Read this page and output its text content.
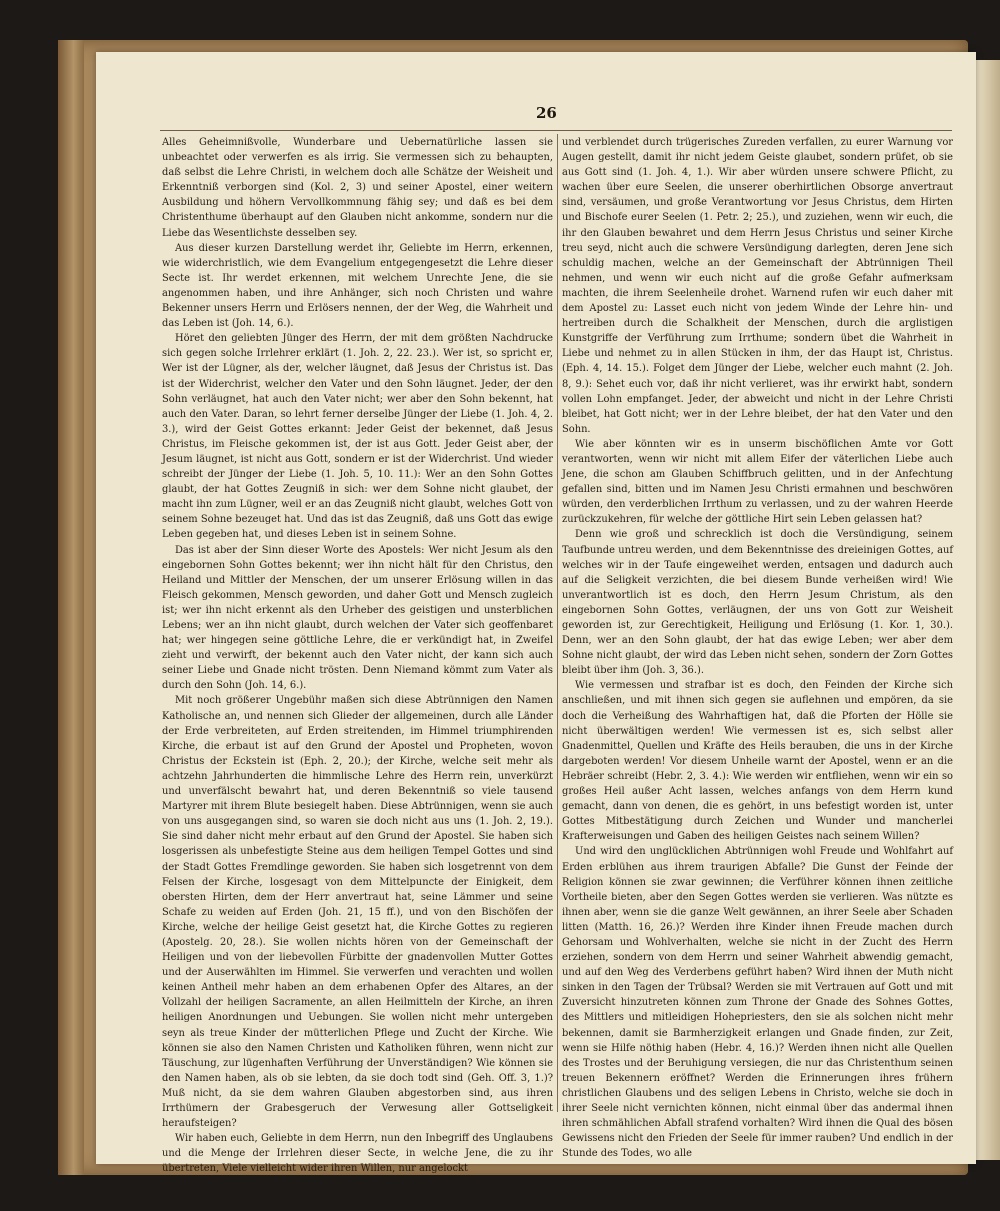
26

Alles Geheimnißvolle, Wunderbare und Uebernatürliche lassen sie unbeachtet oder verwerfen es als irrig. Sie vermessen sich zu behaupten, daß selbst die Lehre Christi, in welchem doch alle Schätze der Weisheit und Erkenntniß verborgen sind (Kol. 2, 3) und seiner Apostel, einer weitern Ausbildung und höhern Vervollkommnung fähig sey; und daß es bei dem Christenthume überhaupt auf den Glauben nicht ankomme, sondern nur die Liebe das Wesentlichste desselben sey.

Aus dieser kurzen Darstellung werdet ihr, Geliebte im Herrn, erkennen, wie widerchristlich, wie dem Evangelium entgegengesetzt die Lehre dieser Secte ist. Ihr werdet erkennen, mit welchem Unrechte Jene, die sie angenommen haben, und ihre Anhänger, sich noch Christen und wahre Bekenner unsers Herrn und Erlösers nennen, der der Weg, die Wahrheit und das Leben ist (Joh. 14, 6.).

Höret den geliebten Jünger des Herrn, der mit dem größten Nachdrucke sich gegen solche Irrlehrer erklärt (1. Joh. 2, 22. 23.). Wer ist, so spricht er, Wer ist der Lügner, als der, welcher läugnet, daß Jesus der Christus ist. Das ist der Widerchrist, welcher den Vater und den Sohn läugnet. Jeder, der den Sohn verläugnet, hat auch den Vater nicht; wer aber den Sohn bekennt, hat auch den Vater. Daran, so lehrt ferner derselbe Jünger der Liebe (1. Joh. 4, 2. 3.), wird der Geist Gottes erkannt: Jeder Geist der bekennet, daß Jesus Christus, im Fleische gekommen ist, der ist aus Gott. Jeder Geist aber, der Jesum läugnet, ist nicht aus Gott, sondern er ist der Widerchrist. Und wieder schreibt der Jünger der Liebe (1. Joh. 5, 10. 11.): Wer an den Sohn Gottes glaubt, der hat Gottes Zeugniß in sich: wer dem Sohne nicht glaubet, der macht ihn zum Lügner, weil er an das Zeugniß nicht glaubt, welches Gott von seinem Sohne bezeuget hat. Und das ist das Zeugniß, daß uns Gott das ewige Leben gegeben hat, und dieses Leben ist in seinem Sohne.

Das ist aber der Sinn dieser Worte des Apostels: Wer nicht Jesum als den eingebornen Sohn Gottes bekennt; wer ihn nicht hält für den Christus, den Heiland und Mittler der Menschen, der um unserer Erlösung willen in das Fleisch gekommen, Mensch geworden, und daher Gott und Mensch zugleich ist; wer ihn nicht erkennt als den Urheber des geistigen und unsterblichen Lebens; wer an ihn nicht glaubt, durch welchen der Vater sich geoffenbaret hat; wer hingegen seine göttliche Lehre, die er verkündigt hat, in Zweifel zieht und verwirft, der bekennt auch den Vater nicht, der kann sich auch seiner Liebe und Gnade nicht trösten. Denn Niemand kömmt zum Vater als durch den Sohn (Joh. 14, 6.).

Mit noch größerer Ungebühr maßen sich diese Abtrünnigen den Namen Katholische an, und nennen sich Glieder der allgemeinen, durch alle Länder der Erde verbreiteten, auf Erden streitenden, im Himmel triumphirenden Kirche, die erbaut ist auf den Grund der Apostel und Propheten, wovon Christus der Eckstein ist (Eph. 2, 20.); der Kirche, welche seit mehr als achtzehn Jahrhunderten die himmlische Lehre des Herrn rein, unverkürzt und unverfälscht bewahrt hat, und deren Bekenntniß so viele tausend Martyrer mit ihrem Blute besiegelt haben. Diese Abtrünnigen, wenn sie auch von uns ausgegangen sind, so waren sie doch nicht aus uns (1. Joh. 2, 19.). Sie sind daher nicht mehr erbaut auf den Grund der Apostel. Sie haben sich losgerissen als unbefestigte Steine aus dem heiligen Tempel Gottes und sind der Stadt Gottes Fremdlinge geworden. Sie haben sich losgetrennt von dem Felsen der Kirche, losgesagt von dem Mittelpuncte der Einigkeit, dem obersten Hirten, dem der Herr anvertraut hat, seine Lämmer und seine Schafe zu weiden auf Erden (Joh. 21, 15 ff.), und von den Bischöfen der Kirche, welche der heilige Geist gesetzt hat, die Kirche Gottes zu regieren (Apostelg. 20, 28.). Sie wollen nichts hören von der Gemeinschaft der Heiligen und von der liebevollen Fürbitte der gnadenvollen Mutter Gottes und der Auserwählten im Himmel. Sie verwerfen und verachten und wollen keinen Antheil mehr haben an dem erhabenen Opfer des Altares, an der Vollzahl der heiligen Sacramente, an allen Heilmitteln der Kirche, an ihren heiligen Anordnungen und Uebungen. Sie wollen nicht mehr untergeben seyn als treue Kinder der mütterlichen Pflege und Zucht der Kirche. Wie können sie also den Namen Christen und Katholiken führen, wenn nicht zur Täuschung, zur lügenhaften Verführung der Unverständigen? Wie können sie den Namen haben, als ob sie lebten, da sie doch todt sind (Geh. Off. 3, 1.)? Muß nicht, da sie dem wahren Glauben abgestorben sind, aus ihren Irrthümern der Grabesgeruch der Verwesung aller Gottseligkeit heraufsteigen?

Wir haben euch, Geliebte in dem Herrn, nun den Inbegriff des Unglaubens und die Menge der Irrlehren dieser Secte, in welche Jene, die zu ihr übertreten, Viele vielleicht wider ihren Willen, nur angelockt

und verblendet durch trügerisches Zureden verfallen, zu eurer Warnung vor Augen gestellt, damit ihr nicht jedem Geiste glaubet, sondern prüfet, ob sie aus Gott sind (1. Joh. 4, 1.). Wir aber würden unsere schwere Pflicht, zu wachen über eure Seelen, die unserer oberhirtlichen Obsorge anvertraut sind, versäumen, und große Verantwortung vor Jesus Christus, dem Hirten und Bischofe eurer Seelen (1. Petr. 2; 25.), und zuziehen, wenn wir euch, die ihr den Glauben bewahret und dem Herrn Jesus Christus und seiner Kirche treu seyd, nicht auch die schwere Versündigung darlegten, deren Jene sich schuldig machen, welche an der Gemeinschaft der Abtrünnigen Theil nehmen, und wenn wir euch nicht auf die große Gefahr aufmerksam machten, die ihrem Seelenheile drohet. Warnend rufen wir euch daher mit dem Apostel zu: Lasset euch nicht von jedem Winde der Lehre hin- und hertreiben durch die Schalkheit der Menschen, durch die arglistigen Kunstgriffe der Verführung zum Irrthume; sondern übet die Wahrheit in Liebe und nehmet zu in allen Stücken in ihm, der das Haupt ist, Christus. (Eph. 4, 14. 15.). Folget dem Jünger der Liebe, welcher euch mahnt (2. Joh. 8, 9.): Sehet euch vor, daß ihr nicht verlieret, was ihr erwirkt habt, sondern vollen Lohn empfanget. Jeder, der abweicht und nicht in der Lehre Christi bleibet, hat Gott nicht; wer in der Lehre bleibet, der hat den Vater und den Sohn.

Wie aber könnten wir es in unserm bischöflichen Amte vor Gott verantworten, wenn wir nicht mit allem Eifer der väterlichen Liebe auch Jene, die schon am Glauben Schiffbruch gelitten, und in der Anfechtung gefallen sind, bitten und im Namen Jesu Christi ermahnen und beschwören würden, den verderblichen Irrthum zu verlassen, und zu der wahren Heerde zurückzukehren, für welche der göttliche Hirt sein Leben gelassen hat?

Denn wie groß und schrecklich ist doch die Versündigung, seinem Taufbunde untreu werden, und dem Bekenntnisse des dreieinigen Gottes, auf welches wir in der Taufe eingeweihet werden, entsagen und dadurch auch auf die Seligkeit verzichten, die bei diesem Bunde verheißen wird! Wie unverantwortlich ist es doch, den Herrn Jesum Christum, als den eingebornen Sohn Gottes, verläugnen, der uns von Gott zur Weisheit geworden ist, zur Gerechtigkeit, Heiligung und Erlösung (1. Kor. 1, 30.). Denn, wer an den Sohn glaubt, der hat das ewige Leben; wer aber dem Sohne nicht glaubt, der wird das Leben nicht sehen, sondern der Zorn Gottes bleibt über ihm (Joh. 3, 36.).

Wie vermessen und strafbar ist es doch, den Feinden der Kirche sich anschließen, und mit ihnen sich gegen sie auflehnen und empören, da sie doch die Verheißung des Wahrhaftigen hat, daß die Pforten der Hölle sie nicht überwältigen werden! Wie vermessen ist es, sich selbst aller Gnadenmittel, Quellen und Kräfte des Heils berauben, die uns in der Kirche dargeboten werden! Vor diesem Unheile warnt der Apostel, wenn er an die Hebräer schreibt (Hebr. 2, 3. 4.): Wie werden wir entfliehen, wenn wir ein so großes Heil außer Acht lassen, welches anfangs von dem Herrn kund gemacht, dann von denen, die es gehört, in uns befestigt worden ist, unter Gottes Mitbestätigung durch Zeichen und Wunder und mancherlei Krafterweisungen und Gaben des heiligen Geistes nach seinem Willen?

Und wird den unglücklichen Abtrünnigen wohl Freude und Wohlfahrt auf Erden erblühen aus ihrem traurigen Abfalle? Die Gunst der Feinde der Religion können sie zwar gewinnen; die Verführer können ihnen zeitliche Vortheile bieten, aber den Segen Gottes werden sie verlieren. Was nützte es ihnen aber, wenn sie die ganze Welt gewännen, an ihrer Seele aber Schaden litten (Matth. 16, 26.)? Werden ihre Kinder ihnen Freude machen durch Gehorsam und Wohlverhalten, welche sie nicht in der Zucht des Herrn erziehen, sondern von dem Herrn und seiner Wahrheit abwendig gemacht, und auf den Weg des Verderbens geführt haben? Wird ihnen der Muth nicht sinken in den Tagen der Trübsal? Werden sie mit Vertrauen auf Gott und mit Zuversicht hinzutreten können zum Throne der Gnade des Sohnes Gottes, des Mittlers und mitleidigen Hohepriesters, den sie als solchen nicht mehr bekennen, damit sie Barmherzigkeit erlangen und Gnade finden, zur Zeit, wenn sie Hilfe nöthig haben (Hebr. 4, 16.)? Werden ihnen nicht alle Quellen des Trostes und der Beruhigung versiegen, die nur das Christenthum seinen treuen Bekennern eröffnet? Werden die Erinnerungen ihres frühern christlichen Glaubens und des seligen Lebens in Christo, welche sie doch in ihrer Seele nicht vernichten können, nicht einmal über das andermal ihnen ihren schmählichen Abfall strafend vorhalten? Wird ihnen die Qual des bösen Gewissens nicht den Frieden der Seele für immer rauben? Und endlich in der Stunde des Todes, wo alle
